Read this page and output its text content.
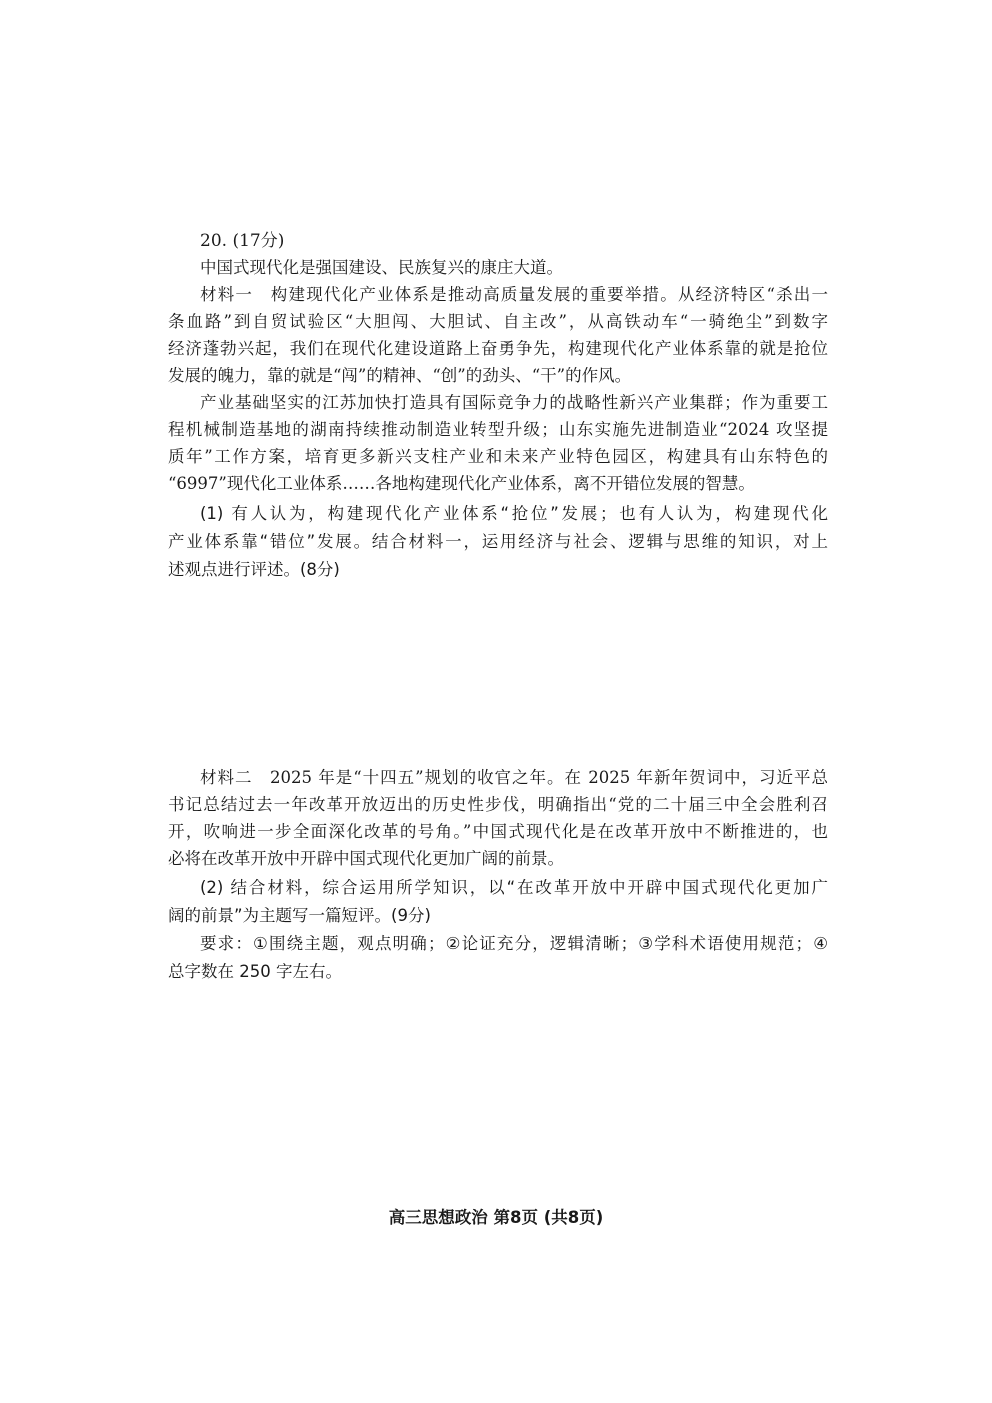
20. (17分)
中国式现代化是强国建设、民族复兴的康庄大道。
材料一　构建现代化产业体系是推动高质量发展的重要举措。从经济特区“杀出一
条血路”到自贸试验区“大胆闯、大胆试、自主改”，从高铁动车“一骑绝尘”到数字
经济蓬勃兴起，我们在现代化建设道路上奋勇争先，构建现代化产业体系靠的就是抢位
发展的魄力，靠的就是“闯”的精神、“创”的劲头、“干”的作风。
产业基础坚实的江苏加快打造具有国际竞争力的战略性新兴产业集群；作为重要工
程机械制造基地的湖南持续推动制造业转型升级；山东实施先进制造业“2024 攻坚提
质年”工作方案，培育更多新兴支柱产业和未来产业特色园区，构建具有山东特色的
“6997”现代化工业体系……各地构建现代化产业体系，离不开错位发展的智慧。
(1) 有人认为，构建现代化产业体系“抢位”发展；也有人认为，构建现代化
产业体系靠“错位”发展。结合材料一，运用经济与社会、逻辑与思维的知识，对上
述观点进行评述。(8分)
材料二　2025 年是“十四五”规划的收官之年。在 2025 年新年贺词中，习近平总
书记总结过去一年改革开放迈出的历史性步伐，明确指出“党的二十届三中全会胜利召
开，吹响进一步全面深化改革的号角。”中国式现代化是在改革开放中不断推进的，也
必将在改革开放中开辟中国式现代化更加广阔的前景。
(2) 结合材料，综合运用所学知识，以“在改革开放中开辟中国式现代化更加广
阔的前景”为主题写一篇短评。(9分)
要求：①围绕主题，观点明确；②论证充分，逻辑清晰；③学科术语使用规范；④
总字数在 250 字左右。
高三思想政治 第8页 (共8页)
